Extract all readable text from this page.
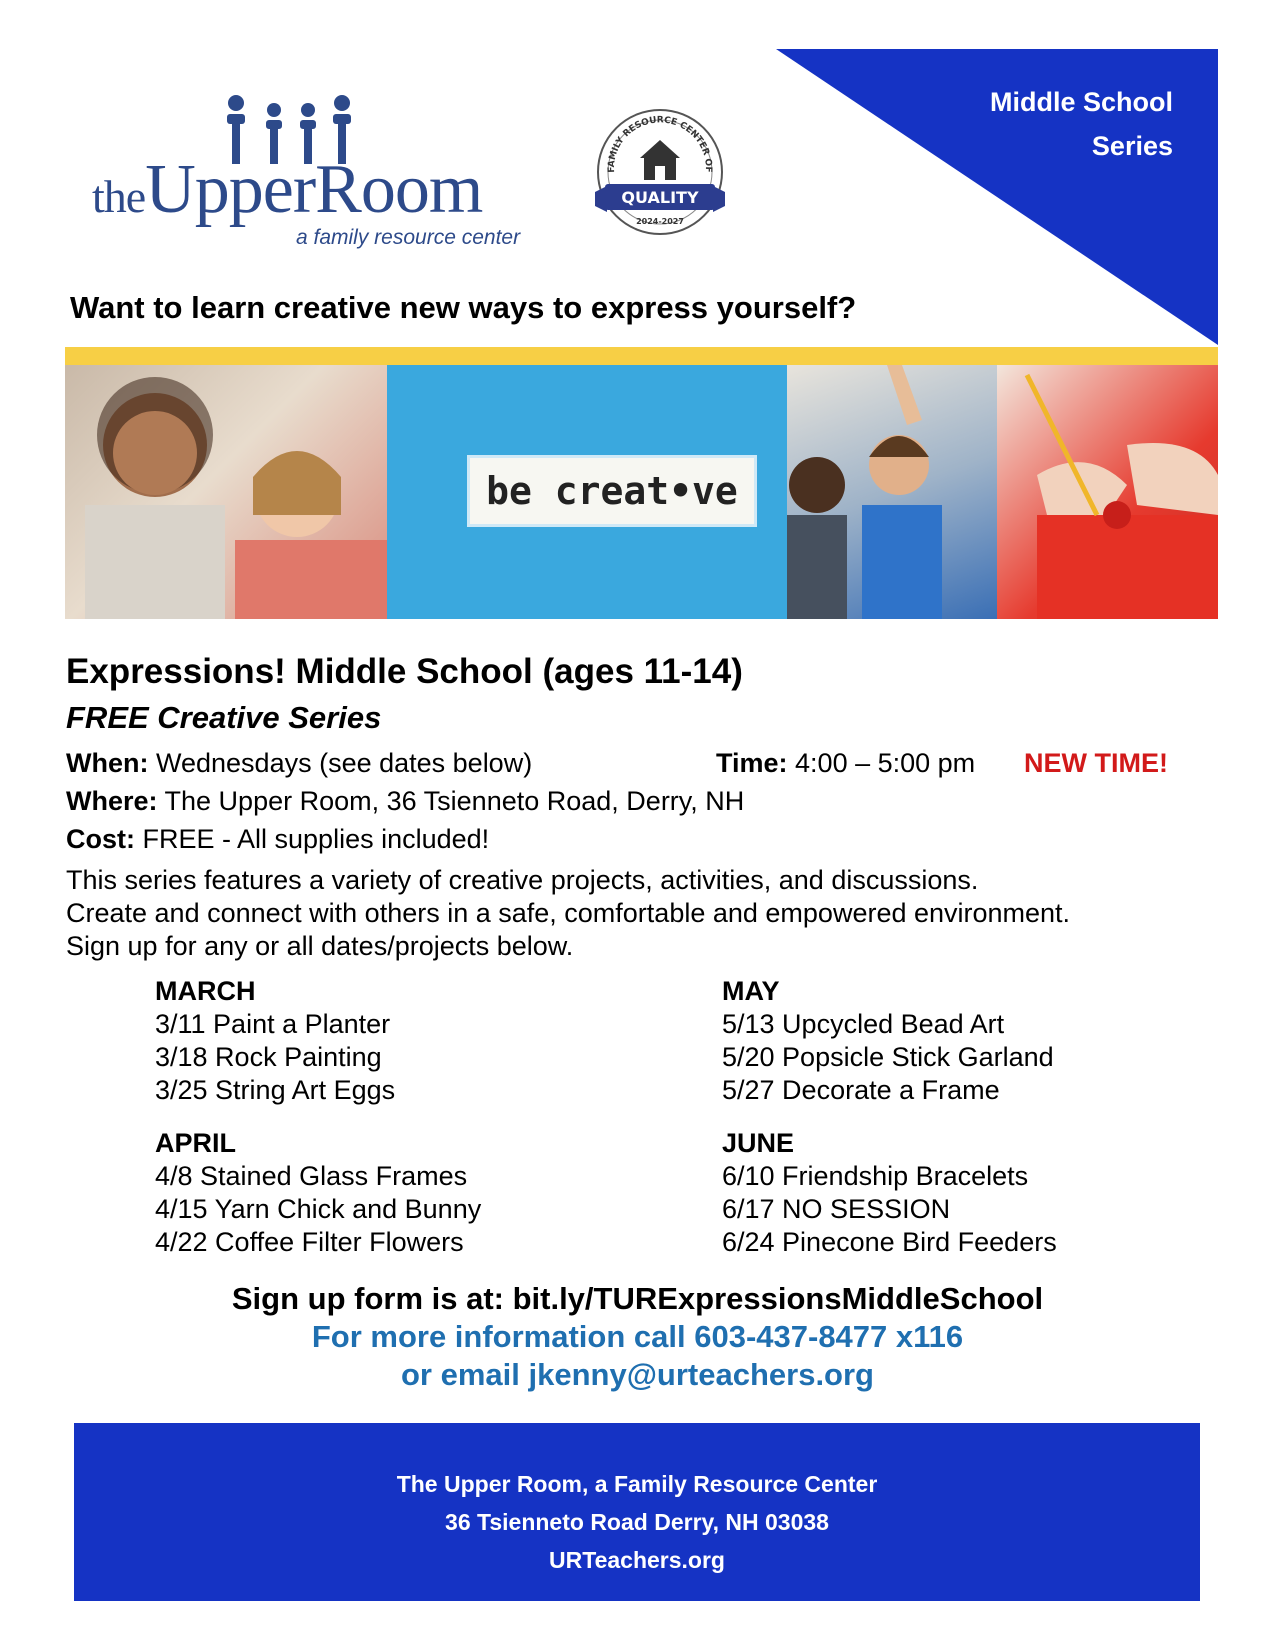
Middle School
Series
theUpperRoom
a family resource center
FAMILY RESOURCE CENTER OF
QUALITY
2024-2027
Want to learn creative new ways to express yourself?
be creat•ve
Expressions! Middle School (ages 11-14)
FREE Creative Series
When: Wednesdays (see dates below)	Time: 4:00 – 5:00 pm NEW TIME!
Where: The Upper Room, 36 Tsienneto Road, Derry, NH
Cost: FREE - All supplies included!
This series features a variety of creative projects, activities, and discussions.
Create and connect with others in a safe, comfortable and empowered environment.
Sign up for any or all dates/projects below.
MARCH
3/11 Paint a Planter
3/18 Rock Painting
3/25 String Art Eggs
MAY
5/13 Upcycled Bead Art
5/20 Popsicle Stick Garland
5/27 Decorate a Frame
APRIL
4/8 Stained Glass Frames
4/15 Yarn Chick and Bunny
4/22 Coffee Filter Flowers
JUNE
6/10 Friendship Bracelets
6/17 NO SESSION
6/24 Pinecone Bird Feeders
Sign up form is at: bit.ly/TURExpressionsMiddleSchool
For more information call 603-437-8477 x116
or email jkenny@urteachers.org
The Upper Room, a Family Resource Center
36 Tsienneto Road Derry, NH 03038
URTeachers.org
